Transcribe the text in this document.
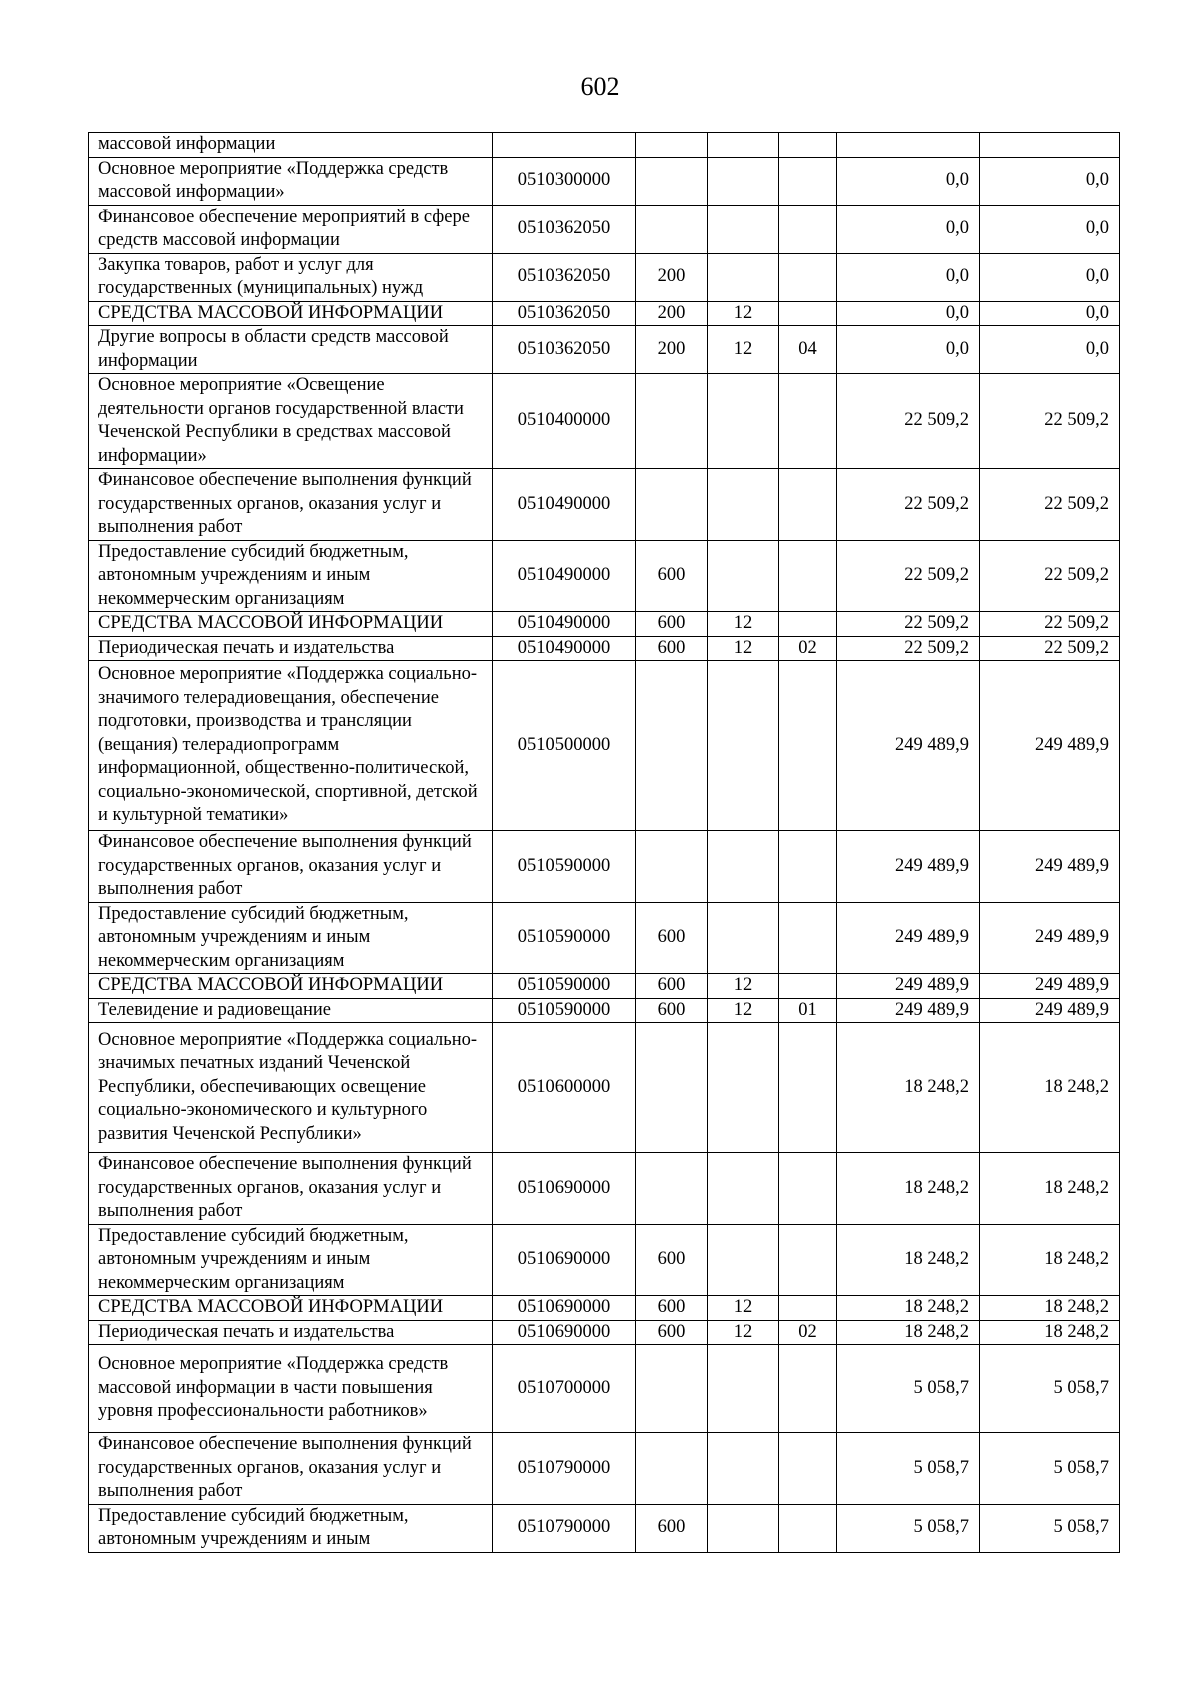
602
массовой информации						
Основное мероприятие «Поддержка средств массовой информации»	0510300000				0,0	0,0
Финансовое обеспечение мероприятий в сфере средств массовой информации	0510362050				0,0	0,0
Закупка товаров, работ и услуг для государственных (муниципальных) нужд	0510362050	200			0,0	0,0
СРЕДСТВА МАССОВОЙ ИНФОРМАЦИИ	0510362050	200	12		0,0	0,0
Другие вопросы в области средств массовой информации	0510362050	200	12	04	0,0	0,0
Основное мероприятие «Освещение деятельности органов государственной власти Чеченской Республики в средствах массовой информации»	0510400000				22 509,2	22 509,2
Финансовое обеспечение выполнения функций государственных органов, оказания услуг и выполнения работ	0510490000				22 509,2	22 509,2
Предоставление субсидий бюджетным, автономным учреждениям и иным некоммерческим организациям	0510490000	600			22 509,2	22 509,2
СРЕДСТВА МАССОВОЙ ИНФОРМАЦИИ	0510490000	600	12		22 509,2	22 509,2
Периодическая печать и издательства	0510490000	600	12	02	22 509,2	22 509,2
Основное мероприятие «Поддержка социально-значимого телерадиовещания, обеспечение подготовки, производства и трансляции (вещания) телерадиопрограмм информационной, общественно-политической, социально-экономической, спортивной, детской и культурной тематики»	0510500000				249 489,9	249 489,9
Финансовое обеспечение выполнения функций государственных органов, оказания услуг и выполнения работ	0510590000				249 489,9	249 489,9
Предоставление субсидий бюджетным, автономным учреждениям и иным некоммерческим организациям	0510590000	600			249 489,9	249 489,9
СРЕДСТВА МАССОВОЙ ИНФОРМАЦИИ	0510590000	600	12		249 489,9	249 489,9
Телевидение и радиовещание	0510590000	600	12	01	249 489,9	249 489,9
Основное мероприятие «Поддержка социально-значимых печатных изданий Чеченской Республики, обеспечивающих освещение социально-экономического и культурного развития Чеченской Республики»	0510600000				18 248,2	18 248,2
Финансовое обеспечение выполнения функций государственных органов, оказания услуг и выполнения работ	0510690000				18 248,2	18 248,2
Предоставление субсидий бюджетным, автономным учреждениям и иным некоммерческим организациям	0510690000	600			18 248,2	18 248,2
СРЕДСТВА МАССОВОЙ ИНФОРМАЦИИ	0510690000	600	12		18 248,2	18 248,2
Периодическая печать и издательства	0510690000	600	12	02	18 248,2	18 248,2
Основное мероприятие «Поддержка средств массовой информации в части повышения уровня профессиональности работников»	0510700000				5 058,7	5 058,7
Финансовое обеспечение выполнения функций государственных органов, оказания услуг и выполнения работ	0510790000				5 058,7	5 058,7
Предоставление субсидий бюджетным, автономным учреждениям и иным	0510790000	600			5 058,7	5 058,7
